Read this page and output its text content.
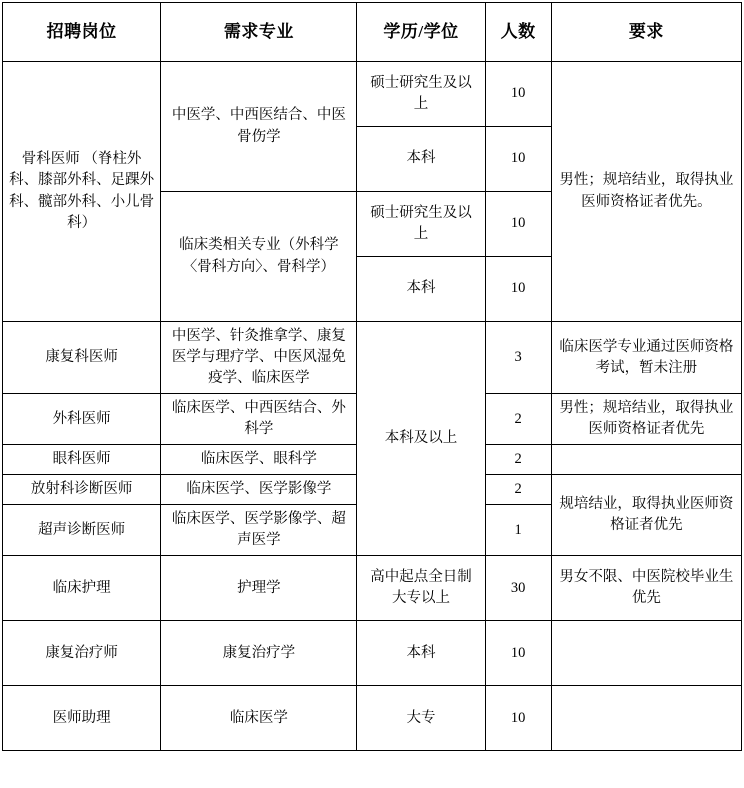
招聘岗位	需求专业	学历/学位	人数	要求
骨科医师 （脊柱外科、膝部外科、足踝外科、髋部外科、小儿骨科）	中医学、中西医结合、中医骨伤学	硕士研究生及以上	10	男性；规培结业，取得执业医师资格证者优先。
		本科	10	
	临床类相关专业（外科学〈骨科方向〉、骨科学）	硕士研究生及以上	10	
		本科	10	
康复科医师	中医学、针灸推拿学、康复医学与理疗学、中医风湿免疫学、临床医学	本科及以上	3	临床医学专业通过医师资格考试，暂未注册
外科医师	临床医学、中西医结合、外科学		2	男性；规培结业，取得执业医师资格证者优先
眼科医师	临床医学、眼科学		2	
放射科诊断医师	临床医学、医学影像学		2	规培结业，取得执业医师资格证者优先
超声诊断医师	临床医学、医学影像学、超声医学		1	
临床护理	护理学	高中起点全日制大专以上	30	男女不限、中医院校毕业生优先
康复治疗师	康复治疗学	本科	10	
医师助理	临床医学	大专	10	
